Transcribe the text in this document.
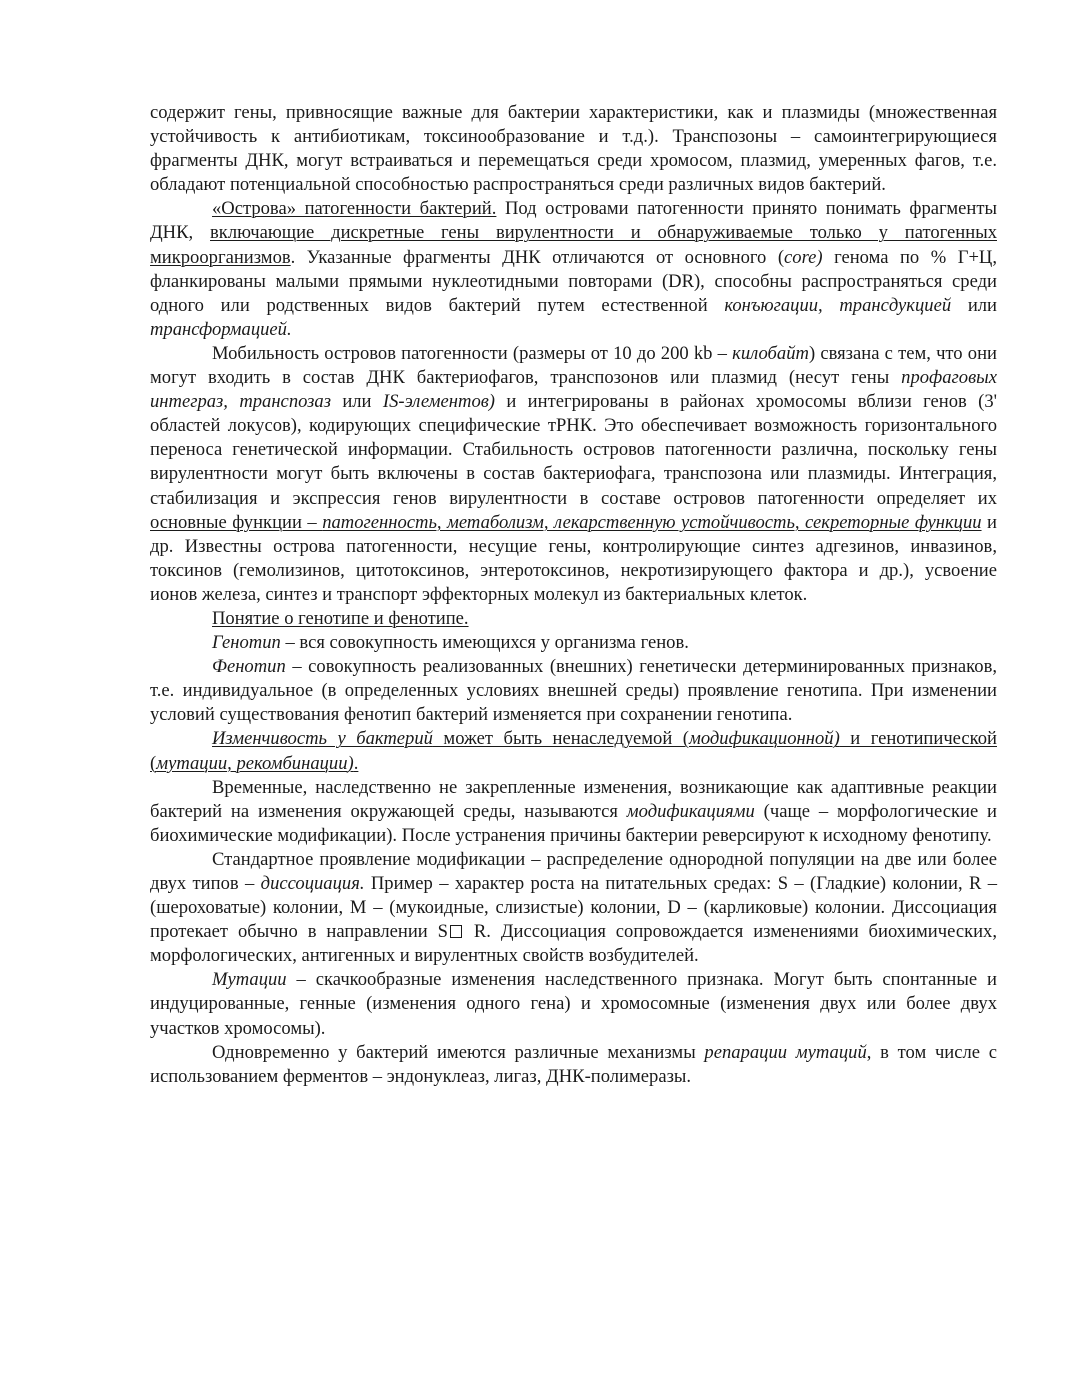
содержит гены, привносящие важные для бактерии характеристики, как и плазмиды (множественная устойчивость к антибиотикам, токсинообразование и т.д.). Транспозоны – самоинтегрирующиеся фрагменты ДНК, могут встраиваться и перемещаться среди хромосом, плазмид, умеренных фагов, т.е. обладают потенциальной способностью распространяться среди различных видов бактерий.

«Острова» патогенности бактерий. Под островами патогенности принято понимать фрагменты ДНК, включающие дискретные гены вирулентности и обнаруживаемые только у патогенных микроорганизмов. Указанные фрагменты ДНК отличаются от основного (core) генома по % Г+Ц, фланкированы малыми прямыми нуклеотидными повторами (DR), способны распространяться среди одного или родственных видов бактерий путем естественной конъюгации, трансдукцией или трансформацией.

Мобильность островов патогенности (размеры от 10 до 200 kb – килобайт) связана с тем, что они могут входить в состав ДНК бактериофагов, транспозонов или плазмид (несут гены профаговых интеграз, транспозаз или IS-элементов) и интегрированы в районах хромосомы вблизи генов (3' областей локусов), кодирующих специфические тРНК. Это обеспечивает возможность горизонтального переноса генетической информации. Стабильность островов патогенности различна, поскольку гены вирулентности могут быть включены в состав бактериофага, транспозона или плазмиды. Интеграция, стабилизация и экспрессия генов вирулентности в составе островов патогенности определяет их основные функции – патогенность, метаболизм, лекарственную устойчивость, секреторные функции и др. Известны острова патогенности, несущие гены, контролирующие синтез адгезинов, инвазинов, токсинов (гемолизинов, цитотоксинов, энтеротоксинов, некротизирующего фактора и др.), усвоение ионов железа, синтез и транспорт эффекторных молекул из бактериальных клеток.

Понятие о генотипе и фенотипе.

Генотип – вся совокупность имеющихся у организма генов.

Фенотип – совокупность реализованных (внешних) генетически детерминированных признаков, т.е. индивидуальное (в определенных условиях внешней среды) проявление генотипа. При изменении условий существования фенотип бактерий изменяется при сохранении генотипа.

Изменчивость у бактерий может быть ненаследуемой (модификационной) и генотипической (мутации, рекомбинации).

Временные, наследственно не закрепленные изменения, возникающие как адаптивные реакции бактерий на изменения окружающей среды, называются модификациями (чаще – морфологические и биохимические модификации). После устранения причины бактерии реверсируют к исходному фенотипу.

Стандартное проявление модификации – распределение однородной популяции на две или более двух типов – диссоциация. Пример – характер роста на питательных средах: S – (Гладкие) колонии, R – (шероховатые) колонии, M – (мукоидные, слизистые) колонии, D – (карликовые) колонии. Диссоциация протекает обычно в направлении S R. Диссоциация сопровождается изменениями биохимических, морфологических, антигенных и вирулентных свойств возбудителей.

Мутации – скачкообразные изменения наследственного признака. Могут быть спонтанные и индуцированные, генные (изменения одного гена) и хромосомные (изменения двух или более двух участков хромосомы).

Одновременно у бактерий имеются различные механизмы репарации мутаций, в том числе с использованием ферментов – эндонуклеаз, лигаз, ДНК-полимеразы.
